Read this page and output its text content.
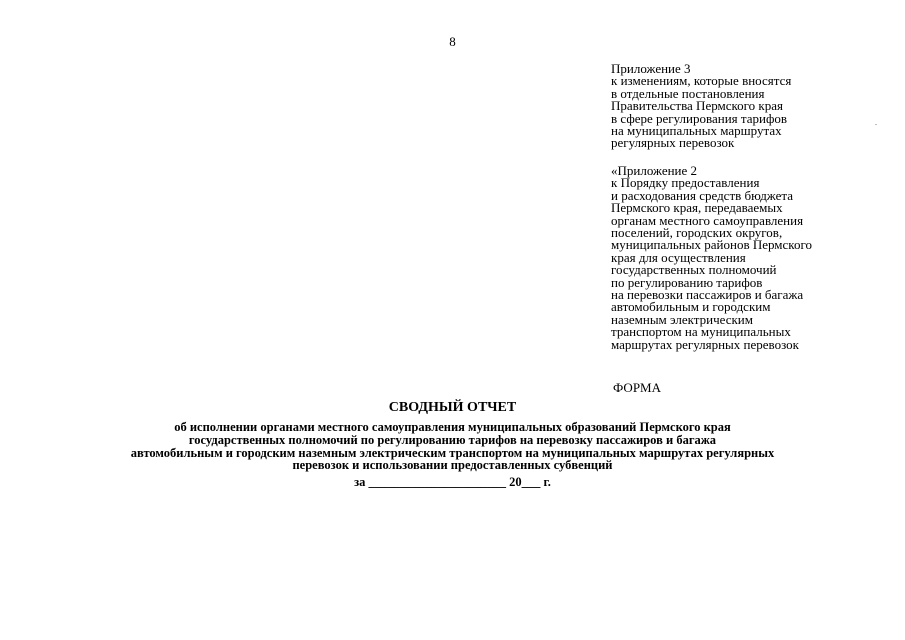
8
Приложение 3
к изменениям, которые вносятся
в отдельные постановления
Правительства Пермского края
в сфере регулирования тарифов
на муниципальных маршрутах
регулярных перевозок
«Приложение 2
к Порядку предоставления
и расходования средств бюджета
Пермского края, передаваемых
органам местного самоуправления
поселений, городских округов,
муниципальных районов Пермского
края для осуществления
государственных полномочий
по регулированию тарифов
на перевозки пассажиров и багажа
автомобильным и городским
наземным электрическим
транспортом на муниципальных
маршрутах регулярных перевозок
ФОРМА
СВОДНЫЙ ОТЧЕТ
об исполнении органами местного самоуправления муниципальных образований Пермского края
государственных полномочий по регулированию тарифов на перевозку пассажиров и багажа
автомобильным и городским наземным электрическим транспортом на муниципальных маршрутах регулярных
перевозок и использовании предоставленных субвенций
за ______________________ 20___ г.
